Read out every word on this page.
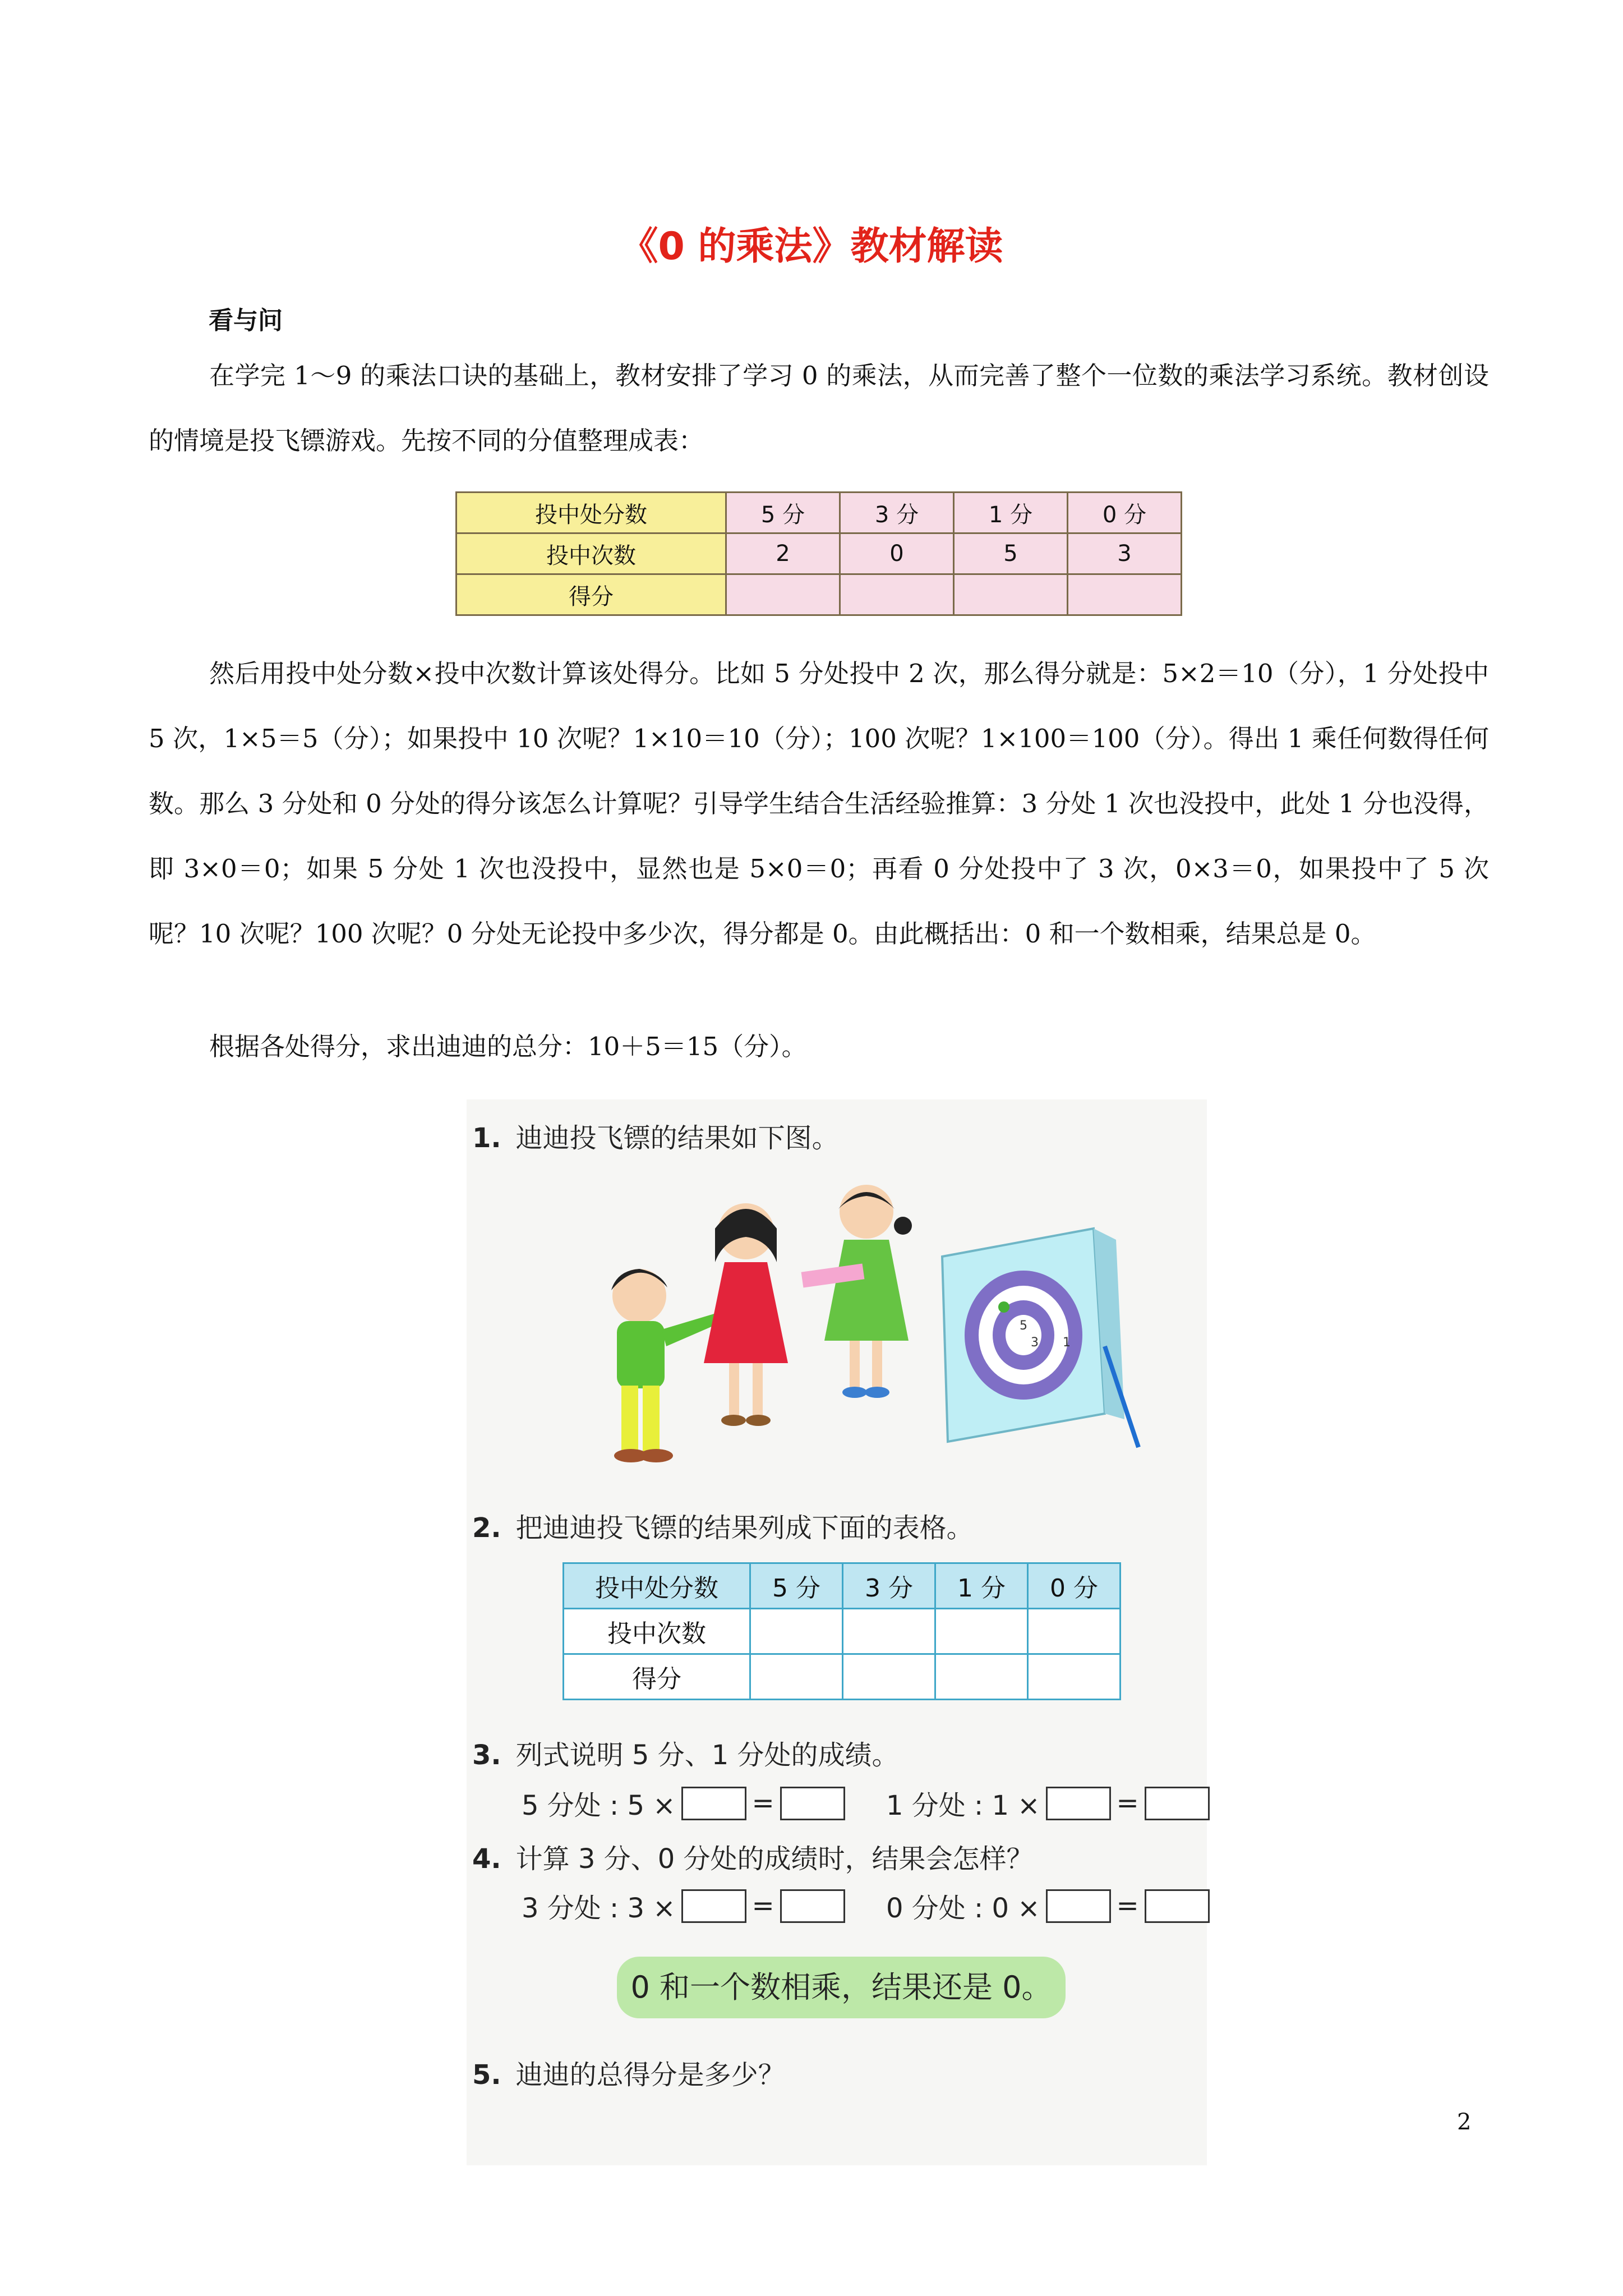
《0 的乘法》教材解读
看与问
在学完 1～9 的乘法口诀的基础上，教材安排了学习 0 的乘法，从而完善了整个一位数的乘法学习系统。教材创设的情境是投飞镖游戏。先按不同的分值整理成表：
投中处分数	5 分	3 分	1 分	0 分
投中次数	2	0	5	3
得分				
然后用投中处分数×投中次数计算该处得分。比如 5 分处投中 2 次，那么得分就是：5×2＝10（分），1 分处投中 5 次，1×5＝5（分）；如果投中 10 次呢？1×10＝10（分）；100 次呢？1×100＝100（分）。得出 1 乘任何数得任何数。那么 3 分处和 0 分处的得分该怎么计算呢？引导学生结合生活经验推算：3 分处 1 次也没投中，此处 1 分也没得，即 3×0＝0；如果 5 分处 1 次也没投中，显然也是 5×0＝0；再看 0 分处投中了 3 次，0×3＝0，如果投中了 5 次呢？10 次呢？100 次呢？0 分处无论投中多少次，得分都是 0。由此概括出：0 和一个数相乘，结果总是 0。
根据各处得分，求出迪迪的总分：10＋5＝15（分）。
1. 迪迪投飞镖的结果如下图。
5
3 1
2. 把迪迪投飞镖的结果列成下面的表格。
投中处分数	5 分	3 分	1 分	0 分
投中次数				
得分				
3. 列式说明 5 分、1 分处的成绩。
5 分处 : 5 ×	=	1 分处 : 1 ×	=
4. 计算 3 分、0 分处的成绩时，结果会怎样？
3 分处 : 3 ×	=	0 分处 : 0 ×	=
0 和一个数相乘，结果还是 0。
5. 迪迪的总得分是多少？
2
